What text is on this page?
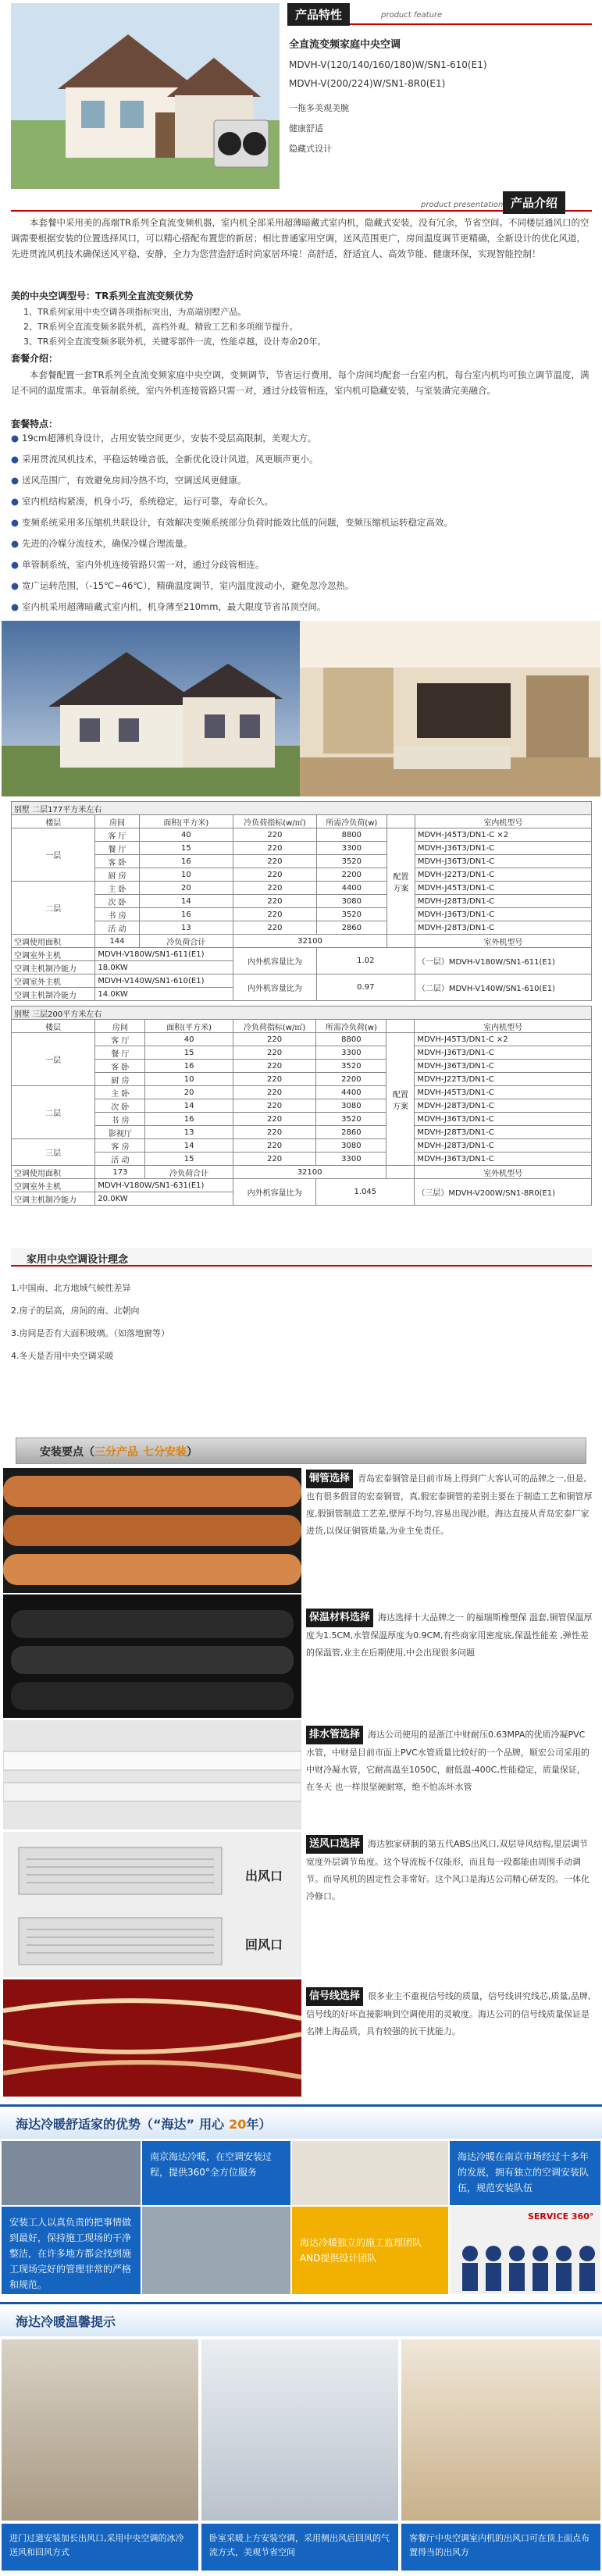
产品特性	product feature
全直流变频家庭中央空调
MDVH-V(120/140/160/180)W/SN1-610(E1)
MDVH-V(200/224)W/SN1-8R0(E1)
一拖多美观美腕
健康舒适
隐藏式设计
product presentation 产品介绍

本套餐中采用美的高端TR系列全直流变频机器，室内机全部采用超薄暗藏式室内机，隐藏式安装，没有冗余，节省空间。不同楼层通风口的空调需要根据安装的位置选择风口，可以精心搭配布置您的新居；相比普通家用空调，送风范围更广，房间温度调节更精确，全新设计的优化风道，先进贯流风机技术确保送风平稳、安静，全力为您营造舒适时尚家居环境！高舒适，舒适宜人、高效节能、健康环保，实现智能控制！

美的中央空调型号：TR系列全直流变频优势
1、TR系列家用中央空调各项指标突出，为高端别墅产品。
2、TR系列全直流变频多联外机，高档外观、精致工艺和多项细节提升。
3、TR系列全直流变频多联外机，关键零部件一流，性能卓越，设计寿命20年。
套餐介绍：

本套餐配置一套TR系列全直流变频家庭中央空调，变频调节，节省运行费用，每个房间均配套一台室内机，每台室内机均可独立调节温度，满足不同的温度需求。单管制系统，室内外机连接管路只需一对，通过分歧管相连，室内机可隐藏安装，与室装潢完美融合。

套餐特点：
● 19cm超薄机身设计，占用安装空间更少，安装不受层高限制，美观大方。
● 采用贯流风机技术，平稳运转噪音低，全新优化设计风道，风更顺声更小。
● 送风范围广，有效避免房间冷热不均，空调送风更健康。
● 室内机结构紧凑，机身小巧，系统稳定，运行可靠，寿命长久。
● 变频系统采用多压缩机共联设计，有效解决变频系统部分负荷时能效比低的问题，变频压缩机运转稳定高效。
● 先进的冷媒分流技术，确保冷媒合理流量。
● 单管制系统，室内外机连接管路只需一对，通过分歧管相连。
● 宽广运转范围，（-15℃~46℃），精确温度调节，室内温度波动小，避免忽冷忽热。
● 室内机采用超薄暗藏式室内机，机身薄至210mm，最大限度节省吊顶空间。
别墅 二层177平方米左右						
楼层	房间	面积(平方米)	冷负荷指标(w/㎡)	所需冷负荷(w)		室内机型号
一层	客 厅	40	220	8800	配置方案	MDVH-J45T3/DN1-C ×2
	餐 厅	15	220	3300		MDVH-J36T3/DN1-C
	客 卧	16	220	3520		MDVH-J36T3/DN1-C
	厨 房	10	220	2200		MDVH-J22T3/DN1-C
二层	主 卧	20	220	4400		MDVH-J45T3/DN1-C
	次 卧	14	220	3080		MDVH-J28T3/DN1-C
	书 房	16	220	3520		MDVH-J36T3/DN1-C
	活 动	13	220	2860		MDVH-J28T3/DN1-C
空调使用面积	144	冷负荷合计	32100			室外机型号
空调室外主机	MDVH-V180W/SN1-611(E1)		内外机容量比为	1.02		（一层）MDVH-V180W/SN1-611(E1)
空调主机制冷能力	18.0KW					
空调室外主机	MDVH-V140W/SN1-610(E1)		内外机容量比为	0.97		（二层）MDVH-V140W/SN1-610(E1)
空调主机制冷能力	14.0KW					
别墅 三层200平方米左右						
楼层	房间	面积(平方米)	冷负荷指标(w/㎡)	所需冷负荷(w)		室内机型号
一层	客 厅	40	220	8800	配置方案	MDVH-J45T3/DN1-C ×2
	餐 厅	15	220	3300		MDVH-J36T3/DN1-C
	客 卧	16	220	3520		MDVH-J36T3/DN1-C
	厨 房	10	220	2200		MDVH-J22T3/DN1-C
二层	主 卧	20	220	4400		MDVH-J45T3/DN1-C
	次 卧	14	220	3080		MDVH-J28T3/DN1-C
	书 房	16	220	3520		MDVH-J36T3/DN1-C
	影视厅	13	220	2860		MDVH-J28T3/DN1-C
三层	客 房	14	220	3080		MDVH-J28T3/DN1-C
	活 动	15	220	3300		MDVH-J36T3/DN1-C
空调使用面积	173	冷负荷合计	32100			室外机型号
空调室外主机	MDVH-V180W/SN1-631(E1)		内外机容量比为	1.045		（三层）MDVH-V200W/SN1-8R0(E1)
空调主机制冷能力	20.0KW					
家用中央空调设计理念
1.中国南、北方地域气候性差异
2.房子的层高，房间的南、北朝向
3.房间是否有大面积玻璃。（如落地窗等）
4.冬天是否用中央空调采暖
安装要点（三分产品 七分安装）
铜管选择 青岛宏泰铜管是目前市场上得到广大客认可的品牌之一,但是,也有很多假冒的宏泰铜管，真,假宏泰铜管的差别主要在于制造工艺和铜管厚度,假铜管制造工艺差,壁厚不均匀,容易出现沙眼。海达直接从青岛宏泰厂家进货,以保证铜管质量,为业主免责任。
保温材料选择 海达选择十大品牌之一 的福瑞斯橡塑保 温套,铜管保温厚度为1.5CM,水管保温厚度为0.9CM,有些商家用密度底,保温性能差 ,弹性差的保温管,业主在后期使用,中会出现很多问题
排水管选择 海达公司使用的是浙江中财耐压0.63MPA的优质冷凝PVC水管，中财是目前市面上PVC水管质量比较好的一个品牌，顺宏公司采用的中财冷凝水管，它耐高温至1050C，耐低温-400C,性能稳定，质量保证，在冬天 也一样很坚硬耐寒，绝不怕冻坏水管
出风口
回风口
送风口选择 海达独家研制的第五代ABS出风口,双层导风结构,里层调节宽度外层调节角度。这个导流板不仅能形，而且每一段都能由周围手动调节。而导风机的固定性会非常好。这个风口是海达公司精心研发的。一体化冷修口。
信号线选择 很多业主不重视信号线的质量，信号线讲究线芯,质量,品牌,信号线的好坏直接影响到空调使用的灵敏度。海达公司的信号线质量保证是名牌上海品质，具有较强的抗干扰能力。
海达冷暖舒适家的优势（“海达” 用心 20年）
南京海达冷暖，在空调安装过程，提供360°全方位服务
海达冷暖在南京市场经过十多年的发展，拥有独立的空调安装队伍，规范安装队伍
安装工人以真负责的把事情做到最好，保持施工现场的干净整洁，在许多地方都会找到施工现场完好的管理非常的严格和规范。
海达冷暖独立的施工监理团队AND提供设计团队
SERVICE 360°
海达冷暖温馨提示
进门过道安装加长出风口,采用中央空调的冰冷送风和回风方式
卧室采暖上方安装空调，采用侧出风后回风的气流方式，美观节省空间
客餐厅中央空调室内机的出风口可在顶上面点布置得当的出风方
